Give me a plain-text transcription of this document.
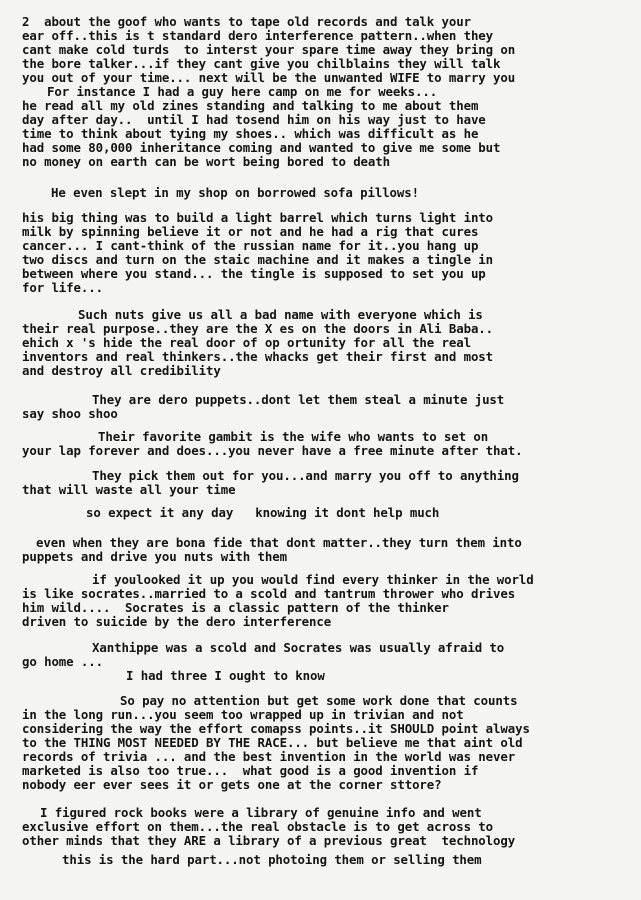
2  about the goof who wants to tape old records and talk your
ear off..this is t standard dero interference pattern..when they
cant make cold turds  to interst your spare time away they bring on
the bore talker...if they cant give you chilblains they will talk
you out of your time... next will be the unwanted WIFE to marry you
For instance I had a guy here camp on me for weeks...
he read all my old zines standing and talking to me about them
day after day..  until I had tosend him on his way just to have
time to think about tying my shoes.. which was difficult as he
had some 80,000 inheritance coming and wanted to give me some but
no money on earth can be wort being bored to death
He even slept in my shop on borrowed sofa pillows!
his big thing was to build a light barrel which turns light into
milk by spinning believe it or not and he had a rig that cures
cancer... I cant-think of the russian name for it..you hang up
two discs and turn on the staic machine and it makes a tingle in
between where you stand... the tingle is supposed to set you up
for life...
Such nuts give us all a bad name with everyone which is
their real purpose..they are the X es on the doors in Ali Baba..
ehich x 's hide the real door of op ortunity for all the real
inventors and real thinkers..the whacks get their first and most
and destroy all credibility
They are dero puppets..dont let them steal a minute just
say shoo shoo
Their favorite gambit is the wife who wants to set on
your lap forever and does...you never have a free minute after that.
They pick them out for you...and marry you off to anything
that will waste all your time
so expect it any day   knowing it dont help much
even when they are bona fide that dont matter..they turn them into
puppets and drive you nuts with them
if youlooked it up you would find every thinker in the world
is like socrates..married to a scold and tantrum thrower who drives
him wild....  Socrates is a classic pattern of the thinker
driven to suicide by the dero interference
Xanthippe was a scold and Socrates was usually afraid to
go home ...
I had three I ought to know
So pay no attention but get some work done that counts
in the long run...you seem too wrapped up in trivian and not
considering the way the effort comapss points..it SHOULD point always
to the THING MOST NEEDED BY THE RACE... but believe me that aint old
records of trivia ... and the best invention in the world was never
marketed is also too true...  what good is a good invention if
nobody eer ever sees it or gets one at the corner sttore?
I figured rock books were a library of genuine info and went
exclusive effort on them...the real obstacle is to get across to
other minds that they ARE a library of a previous great  technology
this is the hard part...not photoing them or selling them
